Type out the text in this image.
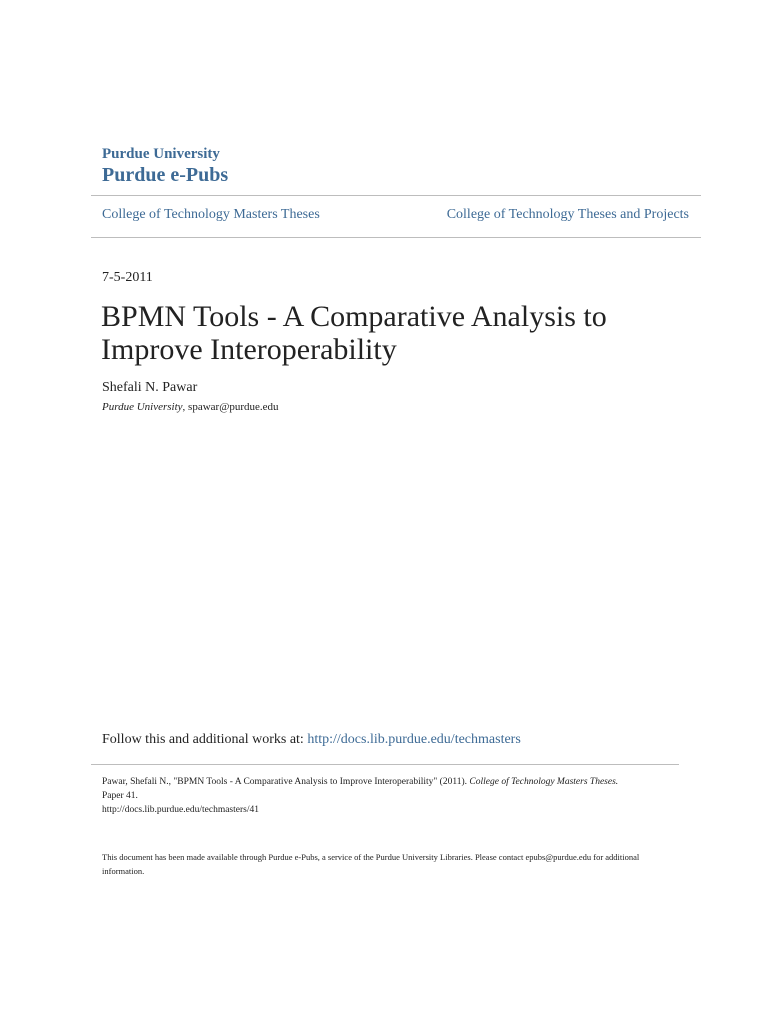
Purdue University
Purdue e-Pubs
College of Technology Masters Theses	College of Technology Theses and Projects
7-5-2011
BPMN Tools - A Comparative Analysis to Improve Interoperability
Shefali N. Pawar
Purdue University, spawar@purdue.edu
Follow this and additional works at: http://docs.lib.purdue.edu/techmasters
Pawar, Shefali N., "BPMN Tools - A Comparative Analysis to Improve Interoperability" (2011). College of Technology Masters Theses.
Paper 41.
http://docs.lib.purdue.edu/techmasters/41
This document has been made available through Purdue e-Pubs, a service of the Purdue University Libraries. Please contact epubs@purdue.edu for additional information.
